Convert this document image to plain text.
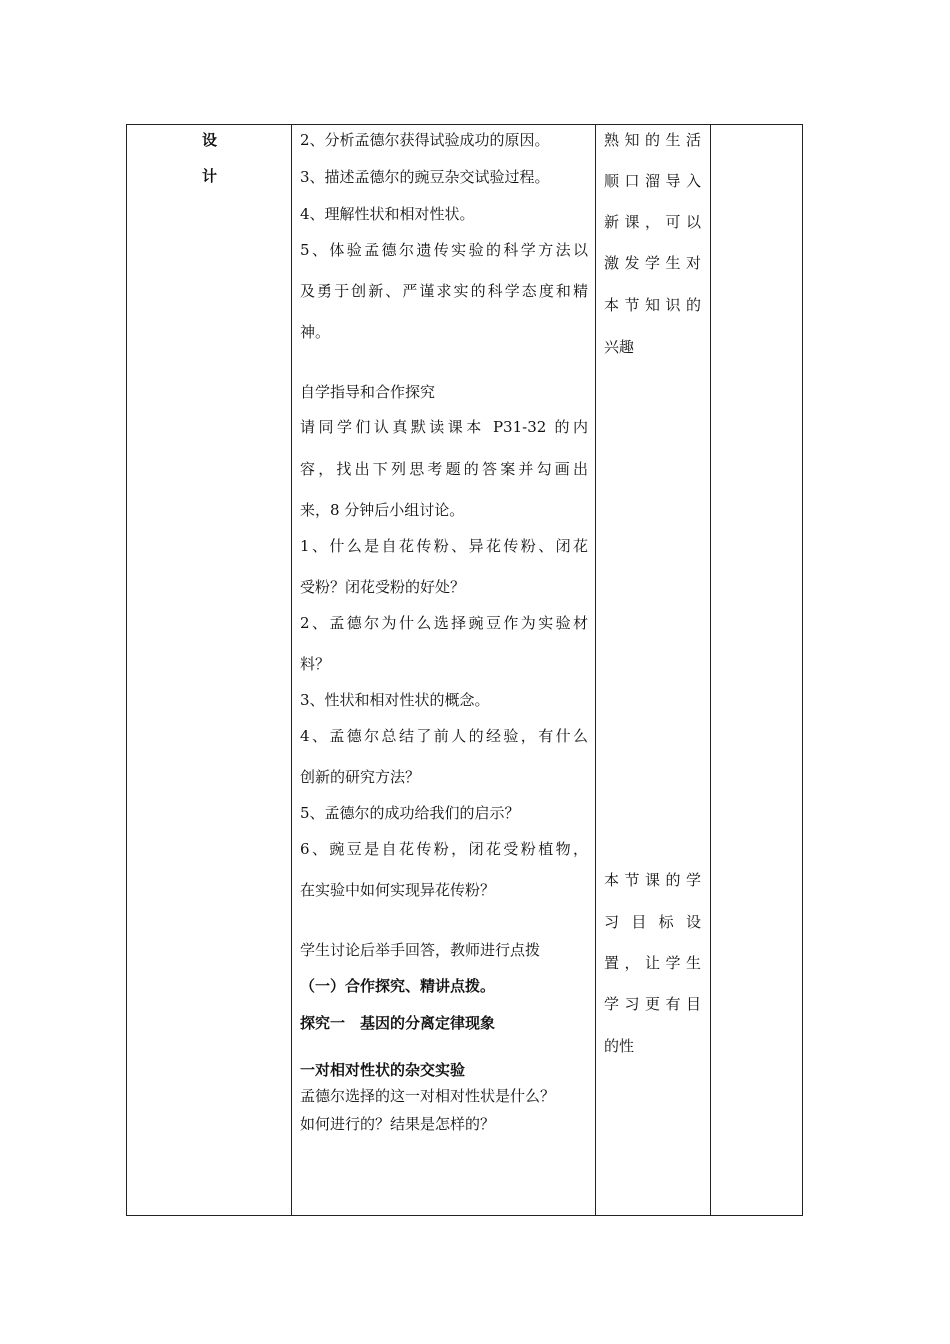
设
计
2、分析孟德尔获得试验成功的原因。
3、描述孟德尔的豌豆杂交试验过程。
4、理解性状和相对性状。
5、体验孟德尔遗传实验的科学方法以
及勇于创新、严谨求实的科学态度和精
神。
自学指导和合作探究
请同学们认真默读课本 P31-32 的内
容，找出下列思考题的答案并勾画出
来，8 分钟后小组讨论。
1、什么是自花传粉、异花传粉、闭花
受粉？闭花受粉的好处？
2、孟德尔为什么选择豌豆作为实验材
料？
3、性状和相对性状的概念。
4、孟德尔总结了前人的经验，有什么
创新的研究方法？
5、孟德尔的成功给我们的启示？
6、豌豆是自花传粉，闭花受粉植物，
在实验中如何实现异花传粉？
学生讨论后举手回答，教师进行点拨
（一）合作探究、精讲点拨。
探究一　基因的分离定律现象
一对相对性状的杂交实验
孟德尔选择的这一对相对性状是什么？
如何进行的？结果是怎样的？
熟知的生活
顺口溜导入
新课，可以
激发学生对
本节知识的
兴趣
本节课的学
习目标设
置，让学生
学习更有目
的性
